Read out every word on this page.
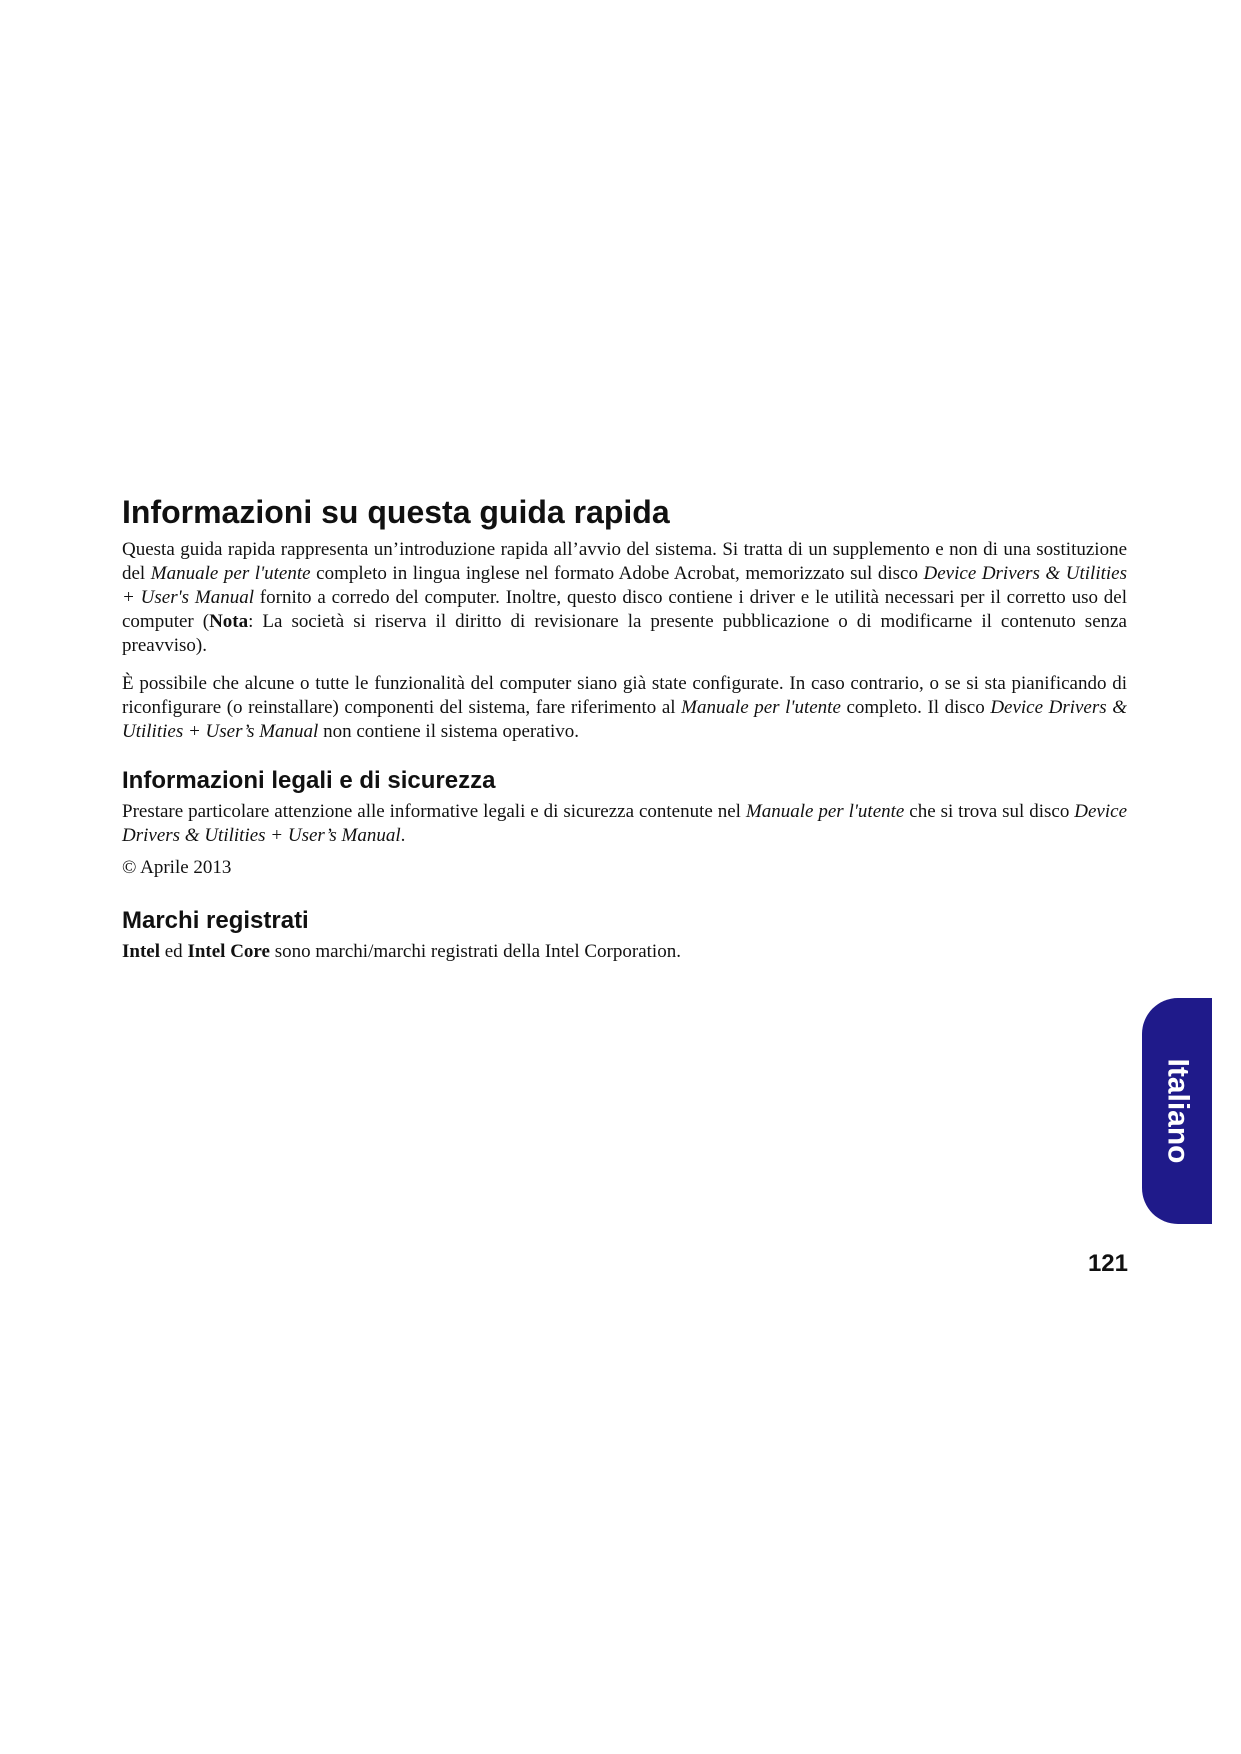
Informazioni su questa guida rapida

Questa guida rapida rappresenta un’introduzione rapida all’avvio del sistema. Si tratta di un supplemento e non di una sostituzione del Manuale per l'utente completo in lingua inglese nel formato Adobe Acrobat, memorizzato sul disco Device Drivers & Utilities + User's Manual fornito a corredo del computer. Inoltre, questo disco contiene i driver e le utilità necessari per il corretto uso del computer (Nota: La società si riserva il diritto di revisionare la presente pubblicazione o di modificarne il contenuto senza preavviso).

È possibile che alcune o tutte le funzionalità del computer siano già state configurate. In caso contrario, o se si sta pianificando di riconfigurare (o reinstallare) componenti del sistema, fare riferimento al Manuale per l'utente completo. Il disco Device Drivers & Utilities + User’s Manual non contiene il sistema operativo.

Informazioni legali e di sicurezza

Prestare particolare attenzione alle informative legali e di sicurezza contenute nel Manuale per l'utente che si trova sul disco Device Drivers & Utilities + User’s Manual.

© Aprile 2013

Marchi registrati

Intel ed Intel Core sono marchi/marchi registrati della Intel Corporation.

Italiano
121
